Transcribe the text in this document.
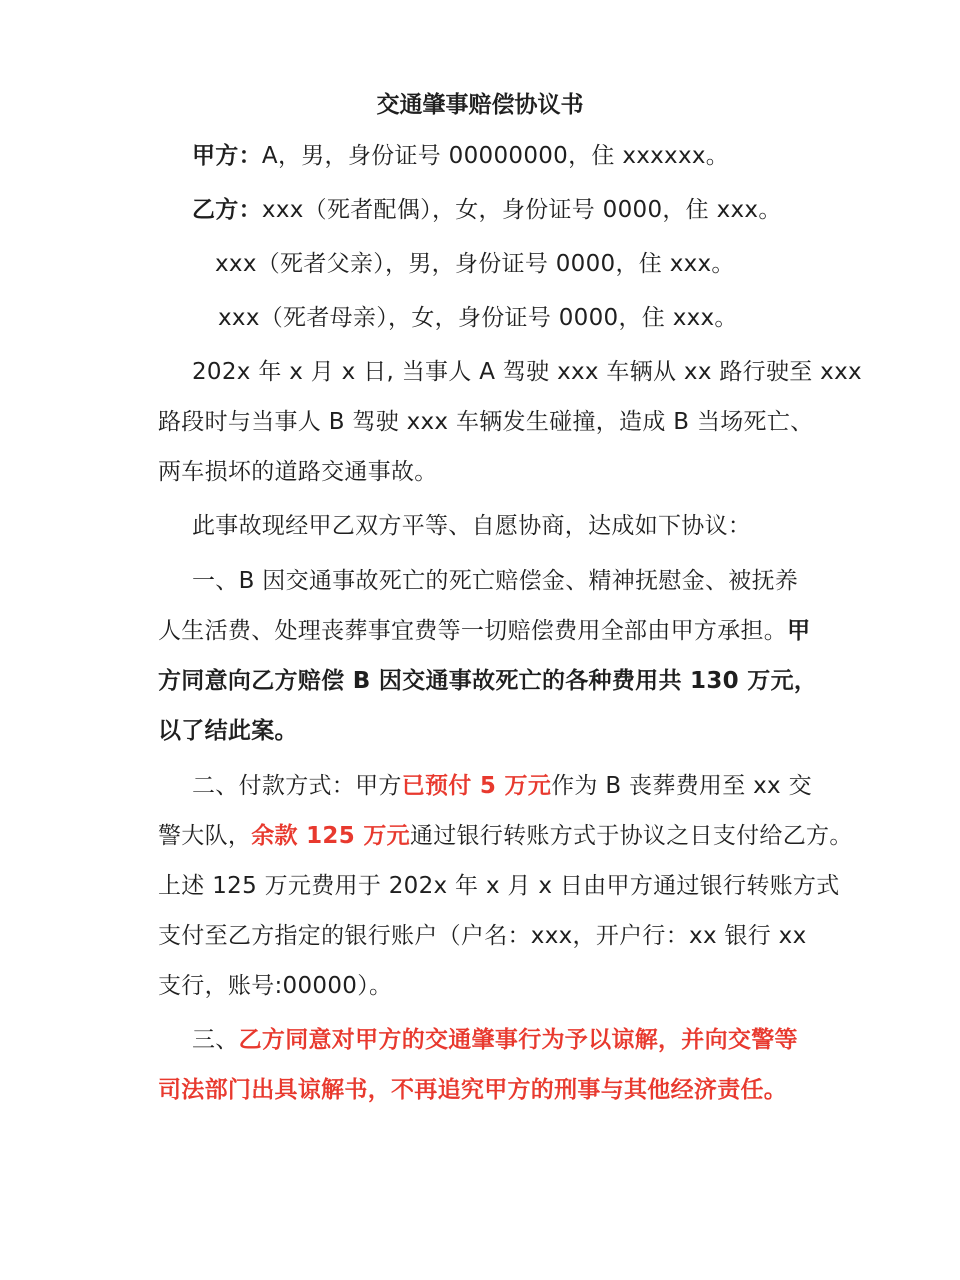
交通肇事赔偿协议书
甲方：A，男，身份证号 00000000，住 xxxxxx。
乙方：xxx（死者配偶），女，身份证号 0000，住 xxx。
xxx（死者父亲），男，身份证号 0000，住 xxx。
xxx（死者母亲），女，身份证号 0000，住 xxx。
202x 年 x 月 x 日, 当事人 A 驾驶 xxx 车辆从 xx 路行驶至 xxx
路段时与当事人 B 驾驶 xxx 车辆发生碰撞，造成 B 当场死亡、
两车损坏的道路交通事故。
此事故现经甲乙双方平等、自愿协商，达成如下协议：
一、B 因交通事故死亡的死亡赔偿金、精神抚慰金、被抚养
人生活费、处理丧葬事宜费等一切赔偿费用全部由甲方承担。甲
方同意向乙方赔偿 B 因交通事故死亡的各种费用共 130 万元，
以了结此案。
二、付款方式：甲方已预付 5 万元作为 B 丧葬费用至 xx 交
警大队，余款 125 万元通过银行转账方式于协议之日支付给乙方。
上述 125 万元费用于 202x 年 x 月 x 日由甲方通过银行转账方式
支付至乙方指定的银行账户（户名：xxx，开户行：xx 银行 xx
支行，账号:00000）。
三、乙方同意对甲方的交通肇事行为予以谅解，并向交警等
司法部门出具谅解书，不再追究甲方的刑事与其他经济责任。
